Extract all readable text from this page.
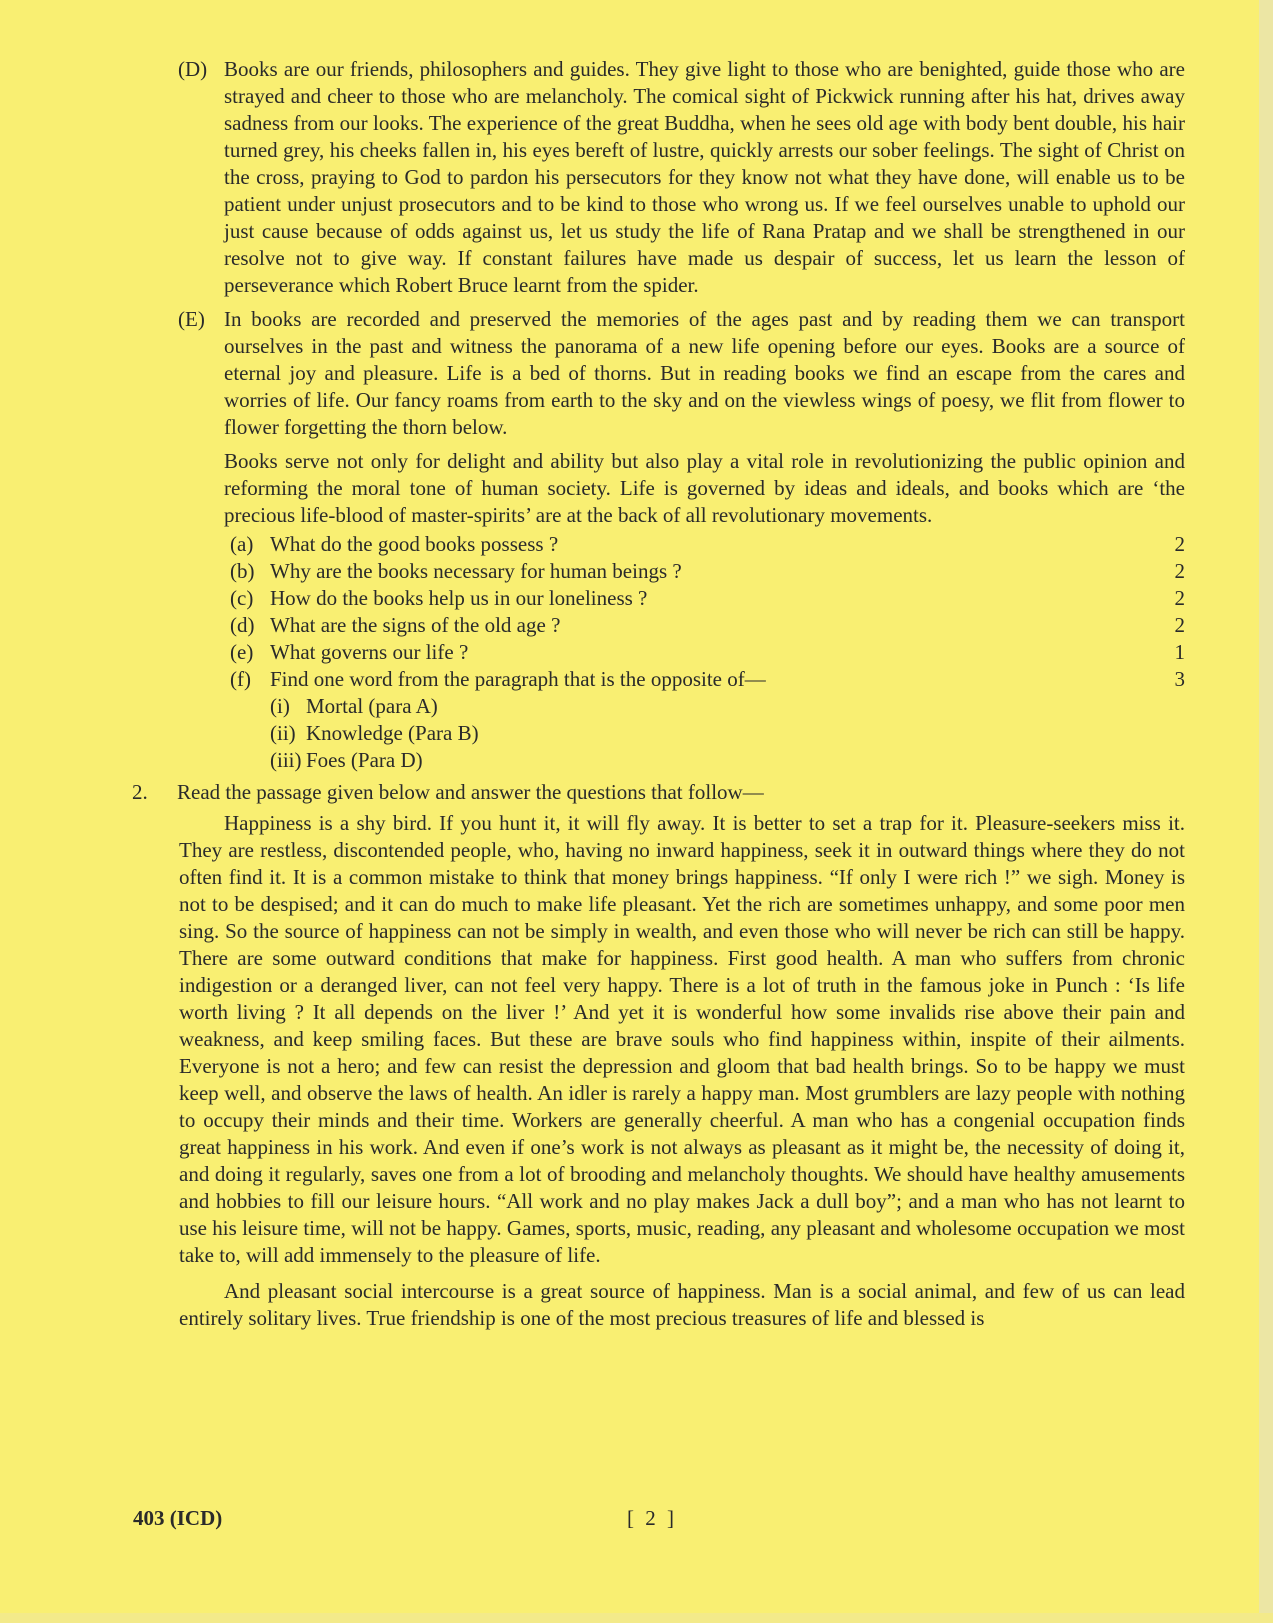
(D) Books are our friends, philosophers and guides. They give light to those who are benighted, guide those who are strayed and cheer to those who are melancholy. The comical sight of Pickwick running after his hat, drives away sadness from our looks. The experience of the great Buddha, when he sees old age with body bent double, his hair turned grey, his cheeks fallen in, his eyes bereft of lustre, quickly arrests our sober feelings. The sight of Christ on the cross, praying to God to pardon his persecutors for they know not what they have done, will enable us to be patient under unjust prosecutors and to be kind to those who wrong us. If we feel ourselves unable to uphold our just cause because of odds against us, let us study the life of Rana Pratap and we shall be strengthened in our resolve not to give way. If constant failures have made us despair of success, let us learn the lesson of perseverance which Robert Bruce learnt from the spider.
(E) In books are recorded and preserved the memories of the ages past and by reading them we can transport ourselves in the past and witness the panorama of a new life opening before our eyes. Books are a source of eternal joy and pleasure. Life is a bed of thorns. But in reading books we find an escape from the cares and worries of life. Our fancy roams from earth to the sky and on the viewless wings of poesy, we flit from flower to flower forgetting the thorn below.
Books serve not only for delight and ability but also play a vital role in revolutionizing the public opinion and reforming the moral tone of human society. Life is governed by ideas and ideals, and books which are ‘the precious life-blood of master-spirits’ are at the back of all revolutionary movements.
(a) What do the good books possess ?	2
(b) Why are the books necessary for human beings ?	2
(c) How do the books help us in our loneliness ?	2
(d) What are the signs of the old age ?	2
(e) What governs our life ?	1
(f) Find one word from the paragraph that is the opposite of—	3
(i) Mortal (para A)
(ii) Knowledge (Para B)
(iii) Foes (Para D)
2.	Read the passage given below and answer the questions that follow—
Happiness is a shy bird. If you hunt it, it will fly away. It is better to set a trap for it. Pleasure-seekers miss it. They are restless, discontended people, who, having no inward happiness, seek it in outward things where they do not often find it. It is a common mistake to think that money brings happiness. “If only I were rich !” we sigh. Money is not to be despised; and it can do much to make life pleasant. Yet the rich are sometimes unhappy, and some poor men sing. So the source of happiness can not be simply in wealth, and even those who will never be rich can still be happy. There are some outward conditions that make for happiness. First good health. A man who suffers from chronic indigestion or a deranged liver, can not feel very happy. There is a lot of truth in the famous joke in Punch : ‘Is life worth living ? It all depends on the liver !’ And yet it is wonderful how some invalids rise above their pain and weakness, and keep smiling faces. But these are brave souls who find happiness within, inspite of their ailments. Everyone is not a hero; and few can resist the depression and gloom that bad health brings. So to be happy we must keep well, and observe the laws of health. An idler is rarely a happy man. Most grumblers are lazy people with nothing to occupy their minds and their time. Workers are generally cheerful. A man who has a congenial occupation finds great happiness in his work. And even if one’s work is not always as pleasant as it might be, the necessity of doing it, and doing it regularly, saves one from a lot of brooding and melancholy thoughts. We should have healthy amusements and hobbies to fill our leisure hours. “All work and no play makes Jack a dull boy”; and a man who has not learnt to use his leisure time, will not be happy. Games, sports, music, reading, any pleasant and wholesome occupation we most take to, will add immensely to the pleasure of life.
And pleasant social intercourse is a great source of happiness. Man is a social animal, and few of us can lead entirely solitary lives. True friendship is one of the most precious treasures of life and blessed is
403 (ICD)	[ 2 ]
